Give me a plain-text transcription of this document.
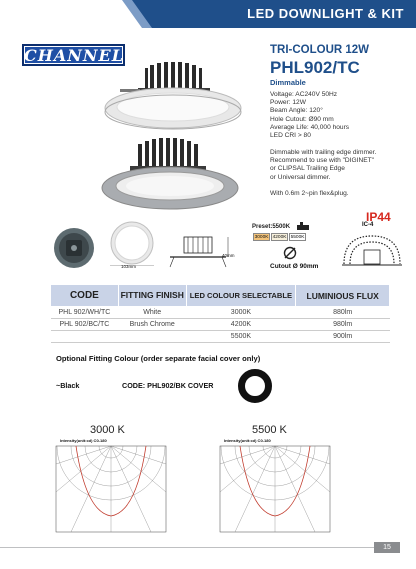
LED DOWNLIGHT & KIT
CHANNEL	TRI-COLOUR 12W
PHL902/TC
Dimmable
Voltage: AC240V 50Hz
Power: 12W
Beam Angle: 120°
Hole Cutout: Ø90 mm
Average Life: 40,000 hours
LED CRI > 80
Dimmable with trailing edge dimmer.
Recommend to use with "DIGINET"
or CLIPSAL Trailing Edge
or Universal dimmer.
With 0.6m 2~pin flex&plug.
103mm
40mm
Preset:5500K
3000K 4200K 5500K
Cutout Ø 90mm
IP44
IC-4
CODE	FITTING FINISH	LED COLOUR SELECTABLE	LUMINIOUS FLUX
PHL 902/WH/TC	White	3000K	880lm
PHL 902/BC/TC	Brush Chrome	4200K	980lm
		5500K	900lm
Optional Fitting Colour (order separate facial cover only)
~Black	CODE: PHL902/BK COVER
3000 K	5500 K
Intensity(unit:cd) C0-180	Intensity(unit:cd) C0-180
15
